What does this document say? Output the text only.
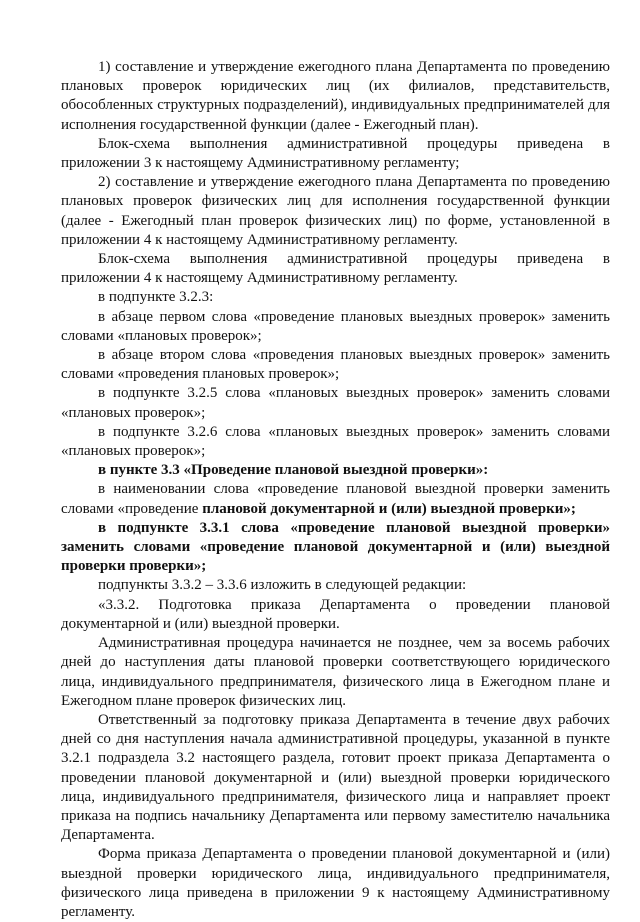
1) составление и утверждение ежегодного плана Департамента по проведению плановых проверок юридических лиц (их филиалов, представительств, обособленных структурных подразделений), индивидуальных предпринимателей для исполнения государственной функции (далее - Ежегодный план).

Блок-схема выполнения административной процедуры приведена в приложении 3 к настоящему Административному регламенту;

2) составление и утверждение ежегодного плана Департамента по проведению плановых проверок физических лиц для исполнения государственной функции (далее - Ежегодный план проверок физических лиц) по форме, установленной в приложении 4 к настоящему Административному регламенту.

Блок-схема выполнения административной процедуры приведена в приложении 4 к настоящему Административному регламенту.

в подпункте 3.2.3:

в абзаце первом слова «проведение плановых выездных проверок» заменить словами «плановых проверок»;

в абзаце втором слова «проведения плановых выездных проверок» заменить словами «проведения плановых проверок»;

в подпункте 3.2.5 слова «плановых выездных проверок» заменить словами «плановых проверок»;

в подпункте 3.2.6 слова «плановых выездных проверок» заменить словами «плановых проверок»;

в пункте 3.3 «Проведение плановой выездной проверки»:

в наименовании слова «проведение плановой выездной проверки заменить словами «проведение плановой документарной и (или) выездной проверки»;

в подпункте 3.3.1 слова «проведение плановой выездной проверки» заменить словами «проведение плановой документарной и (или) выездной проверки проверки»;

подпункты 3.3.2 – 3.3.6 изложить в следующей редакции:

«3.3.2. Подготовка приказа Департамента о проведении плановой документарной и (или) выездной проверки.

Административная процедура начинается не позднее, чем за восемь рабочих дней до наступления даты плановой проверки соответствующего юридического лица, индивидуального предпринимателя, физического лица в Ежегодном плане и Ежегодном плане проверок физических лиц.

Ответственный за подготовку приказа Департамента в течение двух рабочих дней со дня наступления начала административной процедуры, указанной в пункте 3.2.1 подраздела 3.2 настоящего раздела, готовит проект приказа Департамента о проведении плановой документарной и (или) выездной проверки юридического лица, индивидуального предпринимателя, физического лица и направляет проект приказа на подпись начальнику Департамента или первому заместителю начальника Департамента.

Форма приказа Департамента о проведении плановой документарной и (или) выездной проверки юридического лица, индивидуального предпринимателя, физического лица приведена в приложении 9 к настоящему Административному регламенту.
